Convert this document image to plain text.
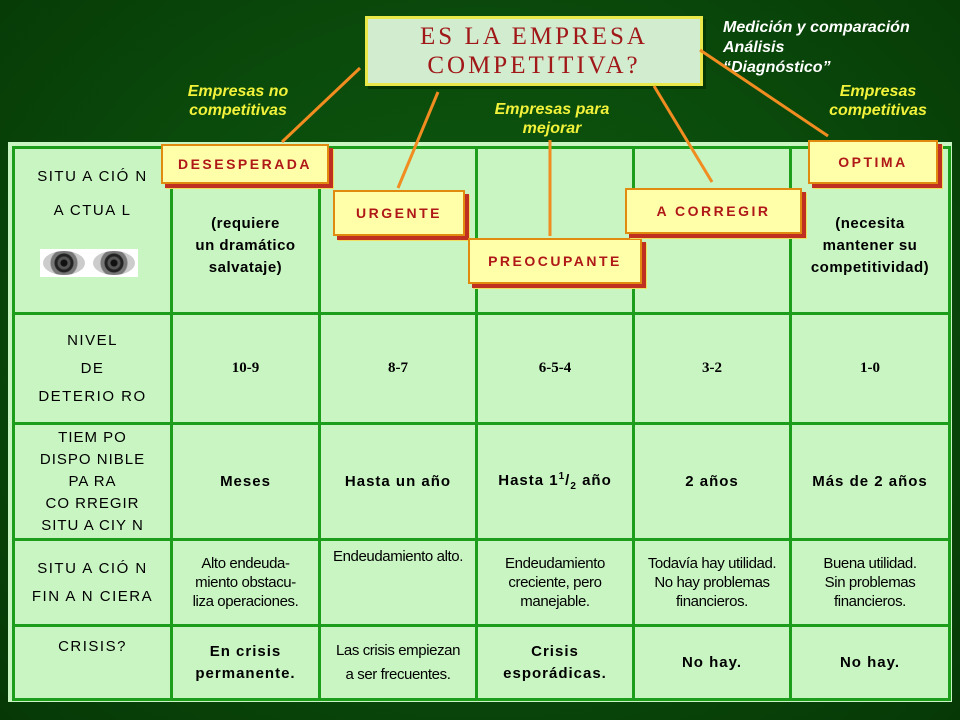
ES LA EMPRESA
COMPETITIVA?
Medición y comparación
Análisis
“Diagnóstico”
Empresas no
competitivas	Empresas para
mejorar
Empresas
competitivas
SITU A CIÓ N
A CTUA L	(requiere
un dramático
salvataje)				(necesita
mantener su
competitividad)

NIVEL
DE
DETERIO RO	10-9	8-7	6-5-4	3-2	1-0

TIEM PO
DISPO NIBLE
PA RA
CO RREGIR
SITU A CIY N	Meses	Hasta un año	Hasta $1^1/_2$ año	2 años	Más de 2 años

SITU A CIÓ N
FIN A N CIERA	Alto endeuda-
miento obstacu-
liza operaciones.	Endeudamiento alto.	Endeudamiento
creciente, pero
manejable.	Todavía hay utilidad.
No hay problemas
financieros.	Buena utilidad.
Sin problemas
financieros.

CRISIS?	En crisis
permanente.	Las crisis empiezan
a ser frecuentes.	Crisis
esporádicas.	No hay.	No hay.
DESESPERADA
URGENTE
PREOCUPANTE
A CORREGIR
OPTIMA
